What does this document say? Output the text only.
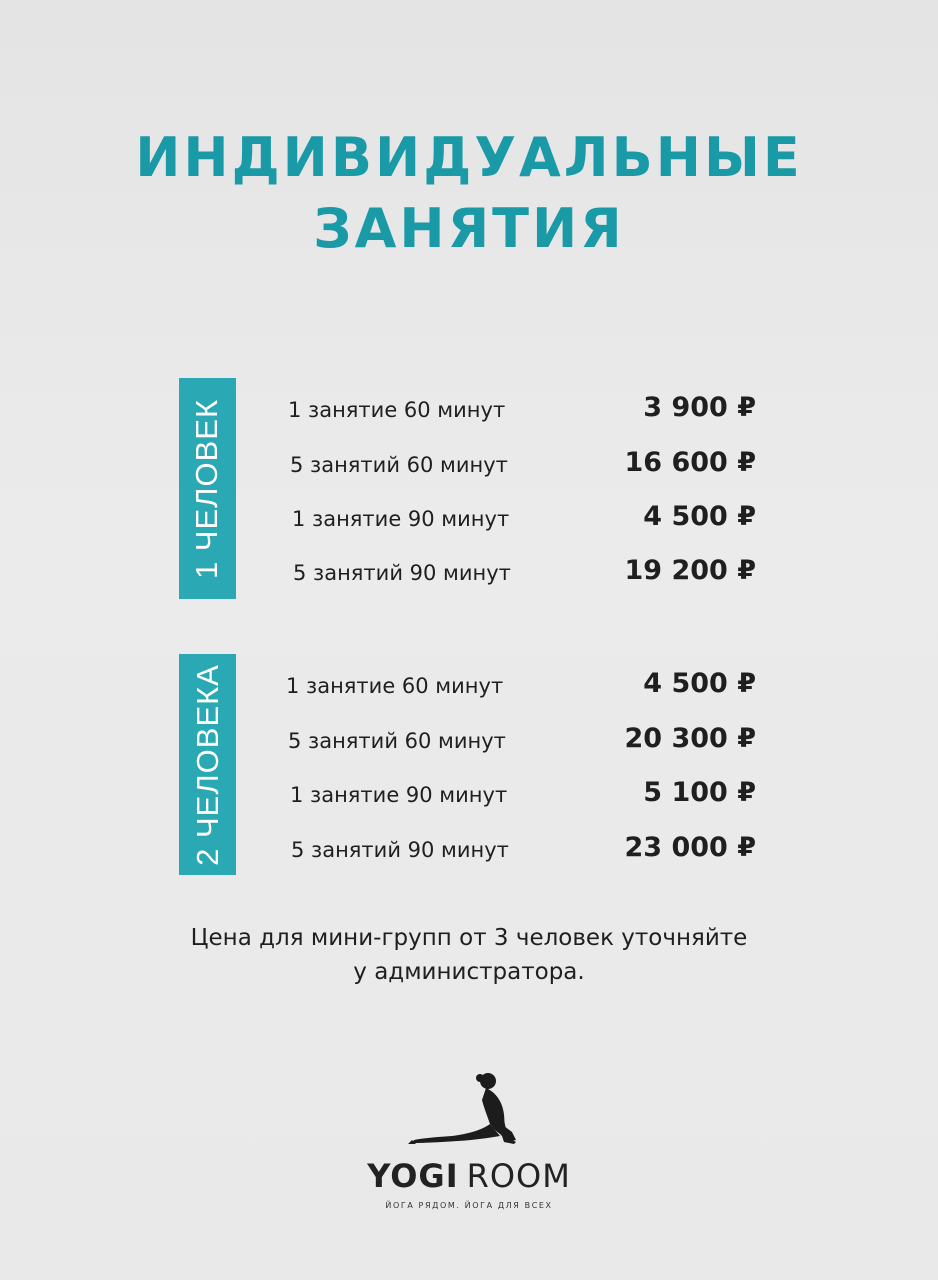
ИНДИВИДУАЛЬНЫЕ
ЗАНЯТИЯ
1 ЧЕЛОВЕК	1 занятие 60 минут	3 900 ₽
5 занятий 60 минут	16 600 ₽
1 занятие 90 минут	4 500 ₽
5 занятий 90 минут	19 200 ₽
2 ЧЕЛОВЕКА	1 занятие 60 минут	4 500 ₽
5 занятий 60 минут	20 300 ₽
1 занятие 90 минут	5 100 ₽
5 занятий 90 минут	23 000 ₽
Цена для мини-групп от 3 человек уточняйте
у администратора.
YOGI ROOM
ЙОГА РЯДОМ. ЙОГА ДЛЯ ВСЕХ
